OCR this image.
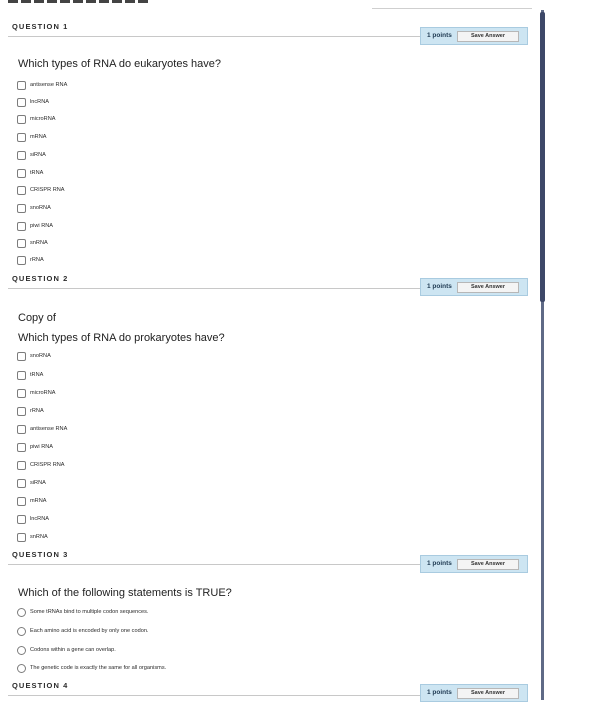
QUESTION 1
1 points	Save Answer
Which types of RNA do eukaryotes have?
antisense RNA
lncRNA
microRNA
mRNA
siRNA
tRNA
CRISPR RNA
snoRNA
piwi RNA
snRNA
rRNA
QUESTION 2
1 points	Save Answer
Copy of
Which types of RNA do prokaryotes have?
snoRNA
tRNA
microRNA
rRNA
antisense RNA
piwi RNA
CRISPR RNA
siRNA
mRNA
lncRNA
snRNA
QUESTION 3
1 points	Save Answer
Which of the following statements is TRUE?
Some tRNAs bind to multiple codon sequences.
Each amino acid is encoded by only one codon.
Codons within a gene can overlap.
The genetic code is exactly the same for all organisms.
QUESTION 4
1 points	Save Answer
